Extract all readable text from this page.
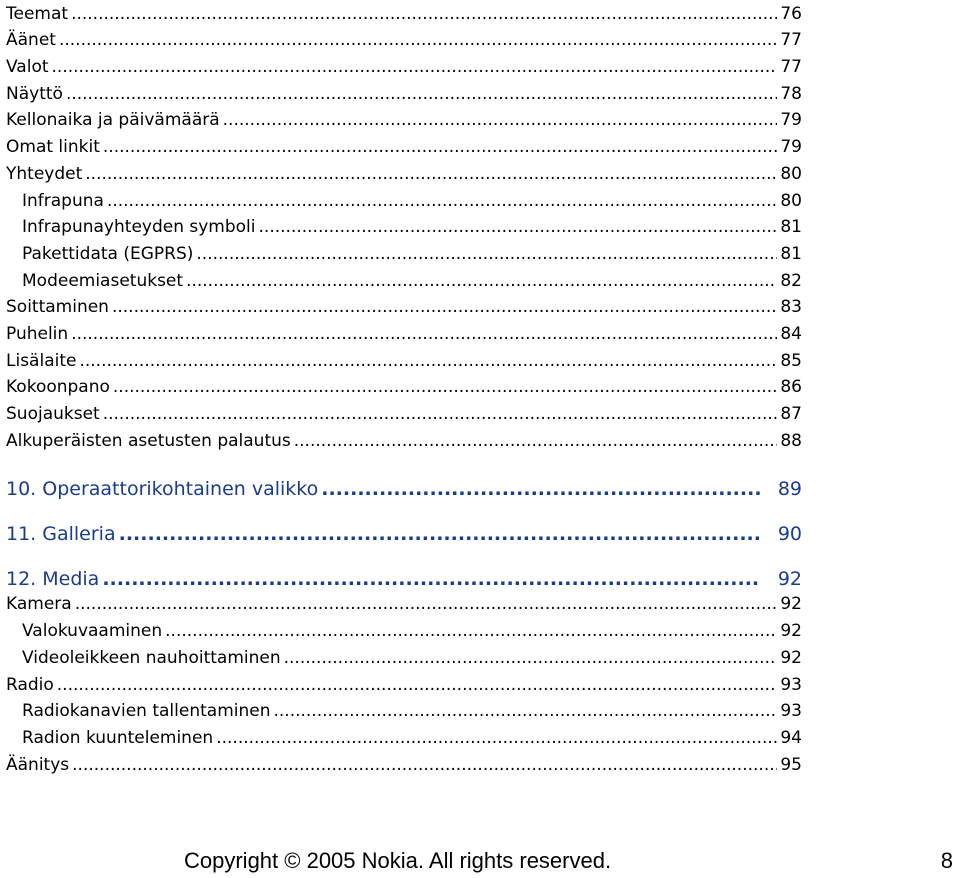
Teemat .....	76
Äänet .....	77
Valot .....	77
Näyttö .....	78
Kellonaika ja päivämäärä .....	79
Omat linkit .....	79
Yhteydet .....	80
Infrapuna .....	80
Infrapunayhteyden symboli .....	81
Pakettidata (EGPRS) .....	81
Modeemiasetukset .....	82
Soittaminen .....	83
Puhelin .....	84
Lisälaite .....	85
Kokoonpano .....	86
Suojaukset .....	87
Alkuperäisten asetusten palautus .....	88
10. Operaattorikohtainen valikko .....	89
11. Galleria .....	90
12. Media .....	92
Kamera .....	92
Valokuvaaminen .....	92
Videoleikkeen nauhoittaminen .....	92
Radio .....	93
Radiokanavien tallentaminen .....	93
Radion kuunteleminen .....	94
Äänitys .....	95
Copyright © 2005 Nokia. All rights reserved.	8
